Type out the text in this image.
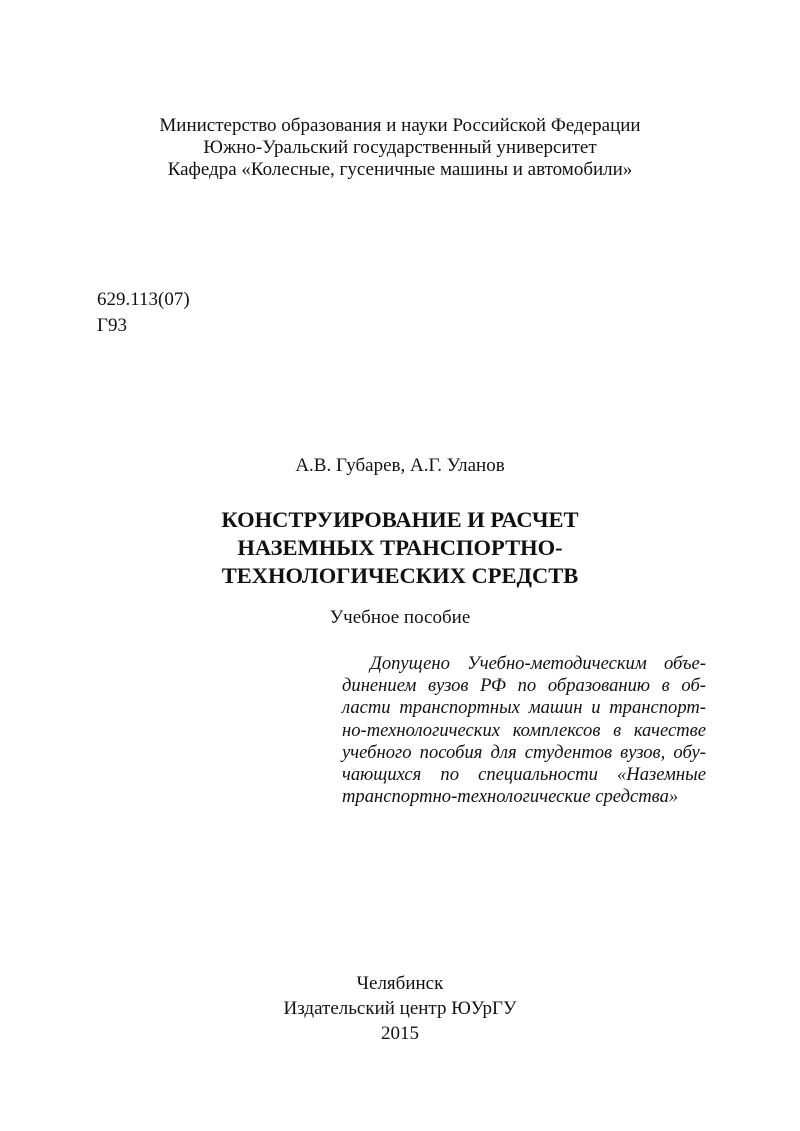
Министерство образования и науки Российской Федерации
Южно-Уральский государственный университет
Кафедра «Колесные, гусеничные машины и автомобили»
629.113(07)
Г93
А.В. Губарев, А.Г. Уланов
КОНСТРУИРОВАНИЕ И РАСЧЕТ
НАЗЕМНЫХ ТРАНСПОРТНО-
ТЕХНОЛОГИЧЕСКИХ СРЕДСТВ
Учебное пособие
Допущено Учебно-методическим объе-
динением вузов РФ по образованию в об-
ласти транспортных машин и транспорт-
но-технологических комплексов в качестве
учебного пособия для студентов вузов, обу-
чающихся по специальности «Наземные
транспортно-технологические средства»
Челябинск
Издательский центр ЮУрГУ
2015
